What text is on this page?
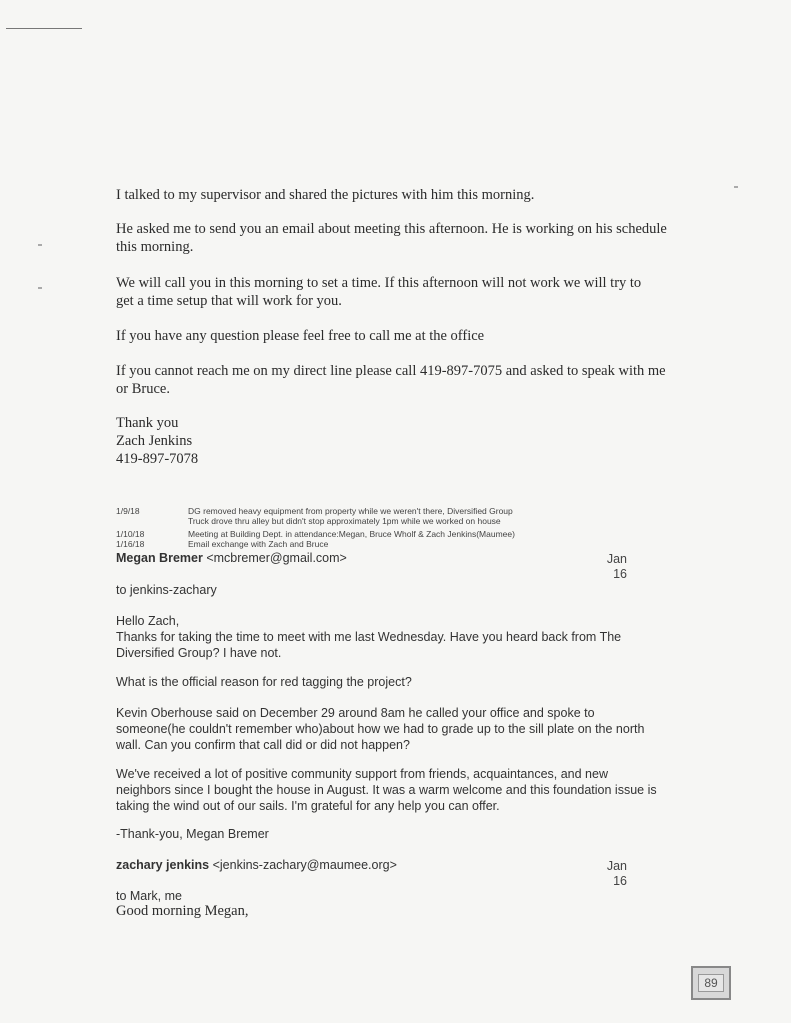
I talked to my supervisor and shared the pictures with him this morning.
He asked me to send you an email about meeting this afternoon. He is working on his schedule
this morning.
We will call you in this morning to set a time. If this afternoon will not work we will try to
get a time setup that will work for you.
If you have any question please feel free to call me at the office
If you cannot reach me on my direct line please call 419-897-7075 and asked to speak with me
or Bruce.
Thank you
Zach Jenkins
419-897-7078
1/9/18	DG removed heavy equipment from property while we weren't there, Diversified Group
Truck drove thru alley but didn't stop approximately 1pm while we worked on house
1/10/18	Meeting at Building Dept. in attendance:Megan, Bruce Wholf & Zach Jenkins(Maumee)
1/16/18	Email exchange with Zach and Bruce
Megan Bremer <mcbremer@gmail.com>	Jan
16
to jenkins-zachary
Hello Zach,
Thanks for taking the time to meet with me last Wednesday. Have you heard back from The
Diversified Group? I have not.
What is the official reason for red tagging the project?
Kevin Oberhouse said on December 29 around 8am he called your office and spoke to
someone(he couldn't remember who)about how we had to grade up to the sill plate on the north
wall. Can you confirm that call did or did not happen?
We've received a lot of positive community support from friends, acquaintances, and new
neighbors since I bought the house in August. It was a warm welcome and this foundation issue is
taking the wind out of our sails. I'm grateful for any help you can offer.
-Thank-you, Megan Bremer
zachary jenkins <jenkins-zachary@maumee.org>	Jan
16
to Mark, me
Good morning Megan,
89
